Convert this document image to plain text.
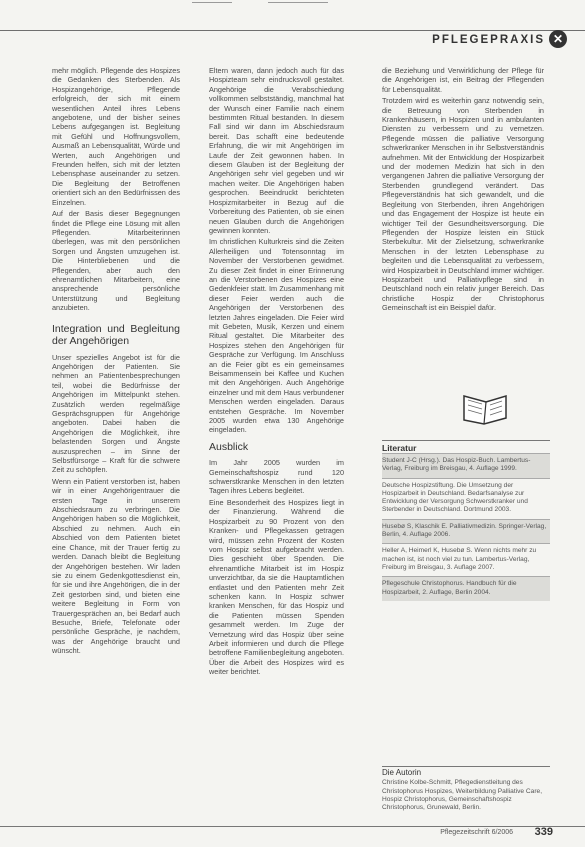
PFLEGEPRAXIS ✕

mehr möglich. Pflegende des Hospizes die Gedanken des Sterbenden. Als Hospizangehörige, Pflegende erfolgreich, der sich mit einem wesentlichen Anteil ihres Lebens angebotene, und der bisher seines Lebens aufgegangen ist. Begleitung mit Gefühl und Hoffnungsvollem, Ausmaß an Lebensqualität, Würde und Werten, auch Angehörigen und Freunden helfen, sich mit der letzten Lebensphase auseinander zu setzen. Die Begleitung der Betroffenen orientiert sich an den Bedürfnissen des Einzelnen.

Auf der Basis dieser Begegnungen findet die Pflege eine Lösung mit allen Pflegenden. Mitarbeiterinnen überlegen, was mit den persönlichen Sorgen und Ängsten umzugehen ist. Die Hinterbliebenen und die Pflegenden, aber auch den ehrenamtlichen Mitarbeitern, eine ansprechende persönliche Unterstützung und Begleitung anzubieten.

Integration und Begleitung der Angehörigen

Unser spezielles Angebot ist für die Angehörigen der Patienten. Sie nehmen an Patientenbesprechungen teil, wobei die Bedürfnisse der Angehörigen im Mittelpunkt stehen. Zusätzlich werden regelmäßige Gesprächsgruppen für Angehörige angeboten. Dabei haben die Angehörigen die Möglichkeit, ihre belastenden Sorgen und Ängste auszusprechen – im Sinne der Selbstfürsorge – Kraft für die schwere Zeit zu schöpfen.

Wenn ein Patient verstorben ist, haben wir in einer Angehörigentrauer die ersten Tage in unserem Abschiedsraum zu verbringen. Die Angehörigen haben so die Möglichkeit, Abschied zu nehmen. Auch ein Abschied von dem Patienten bietet eine Chance, mit der Trauer fertig zu werden. Danach bleibt die Begleitung der Angehörigen bestehen. Wir laden sie zu einem Gedenkgottesdienst ein, für sie und ihre Angehörigen, die in der Zeit gestorben sind, und bieten eine weitere Begleitung in Form von Trauergesprächen an, bei Bedarf auch Besuche, Briefe, Telefonate oder persönliche Gespräche, je nachdem, was der Angehörige braucht und wünscht.

Eltern waren, dann jedoch auch für das Hospizteam sehr eindrucksvoll gestaltet. Angehörige die Verabschiedung vollkommen selbstständig, manchmal hat der Wunsch einer Familie nach einem bestimmten Ritual bestanden. In diesem Fall sind wir dann im Abschiedsraum bereit. Das schafft eine bedeutende Erfahrung, die wir mit Angehörigen im Laufe der Zeit gewonnen haben. In diesem Glauben ist der Begleitung der Angehörigen sehr viel gegeben und wir machen weiter. Die Angehörigen haben gesprochen. Beeindruckt berichteten Hospizmitarbeiter in Bezug auf die Vorbereitung des Patienten, ob sie einen neuen Glauben durch die Angehörigen gewinnen konnten.

Im christlichen Kulturkreis sind die Zeiten Allerheiligen und Totensonntag im November der Verstorbenen gewidmet. Zu dieser Zeit findet in einer Erinnerung an die Verstorbenen des Hospizes eine Gedenkfeier statt. Im Zusammenhang mit dieser Feier werden auch die Angehörigen der Verstorbenen des letzten Jahres eingeladen. Die Feier wird mit Gebeten, Musik, Kerzen und einem Ritual gestaltet. Die Mitarbeiter des Hospizes stehen den Angehörigen für Gespräche zur Verfügung. Im Anschluss an die Feier gibt es ein gemeinsames Beisammensein bei Kaffee und Kuchen mit den Angehörigen. Auch Angehörige einzelner und mit dem Haus verbundener Menschen werden eingeladen. Daraus entstehen Gespräche. Im November 2005 wurden etwa 130 Angehörige eingeladen.

Ausblick

Im Jahr 2005 wurden im Gemeinschaftshospiz rund 120 schwerstkranke Menschen in den letzten Tagen ihres Lebens begleitet.

Eine Besonderheit des Hospizes liegt in der Finanzierung. Während die Hospizarbeit zu 90 Prozent von den Kranken- und Pflegekassen getragen wird, müssen zehn Prozent der Kosten vom Hospiz selbst aufgebracht werden. Dies geschieht über Spenden. Die ehrenamtliche Mitarbeit ist im Hospiz unverzichtbar, da sie die Hauptamtlichen entlastet und den Patienten mehr Zeit schenken kann. In Hospiz schwer kranken Menschen, für das Hospiz und die Patienten müssen Spenden gesammelt werden. Im Zuge der Vernetzung wird das Hospiz über seine Arbeit informieren und durch die Pflege betroffene Familienbegleitung angeboten. Über die Arbeit des Hospizes wird es weiter berichtet.

die Beziehung und Verwirklichung der Pflege für die Angehörigen ist, ein Beitrag der Pflegenden für Lebensqualität.

Trotzdem wird es weiterhin ganz notwendig sein, die Betreuung von Sterbenden in Krankenhäusern, in Hospizen und in ambulanten Diensten zu verbessern und zu vernetzen. Pflegende müssen die palliative Versorgung schwerkranker Menschen in ihr Selbstverständnis aufnehmen. Mit der Entwicklung der Hospizarbeit und der modernen Medizin hat sich in den vergangenen Jahren die palliative Versorgung der Sterbenden grundlegend verändert. Das Pflegeverständnis hat sich gewandelt, und die Begleitung von Sterbenden, ihren Angehörigen und das Engagement der Hospize ist heute ein wichtiger Teil der Gesundheitsversorgung. Die Pflegenden der Hospize leisten ein Stück Sterbekultur. Mit der Zielsetzung, schwerkranke Menschen in der letzten Lebensphase zu begleiten und die Lebensqualität zu verbessern, wird Hospizarbeit in Deutschland immer wichtiger. Hospizarbeit und Palliativpflege sind in Deutschland noch ein relativ junger Bereich. Das christliche Hospiz der Christophorus Gemeinschaft ist ein Beispiel dafür.

Literatur
Student J-C (Hrsg.). Das Hospiz-Buch. Lambertus-Verlag, Freiburg im Breisgau, 4. Auflage 1999.
Deutsche Hospizstiftung. Die Umsetzung der Hospizarbeit in Deutschland. Bedarfsanalyse zur Entwicklung der Versorgung Schwerstkranker und Sterbender in Deutschland. Dortmund 2003.
Husebø S, Klaschik E. Palliativmedizin. Springer-Verlag, Berlin, 4. Auflage 2006.
Heller A, Heimerl K, Husebø S. Wenn nichts mehr zu machen ist, ist noch viel zu tun. Lambertus-Verlag, Freiburg im Breisgau, 3. Auflage 2007.
Pflegeschule Christophorus. Handbuch für die Hospizarbeit, 2. Auflage, Berlin 2004.
Die Autorin
Christine Kolbe-Schmitt, Pflegedienstleitung des Christophorus Hospizes, Weiterbildung Palliative Care, Hospiz Christophorus, Gemeinschaftshospiz Christophorus, Grunewald, Berlin.
Pflegezeitschrift 6/2006 339
